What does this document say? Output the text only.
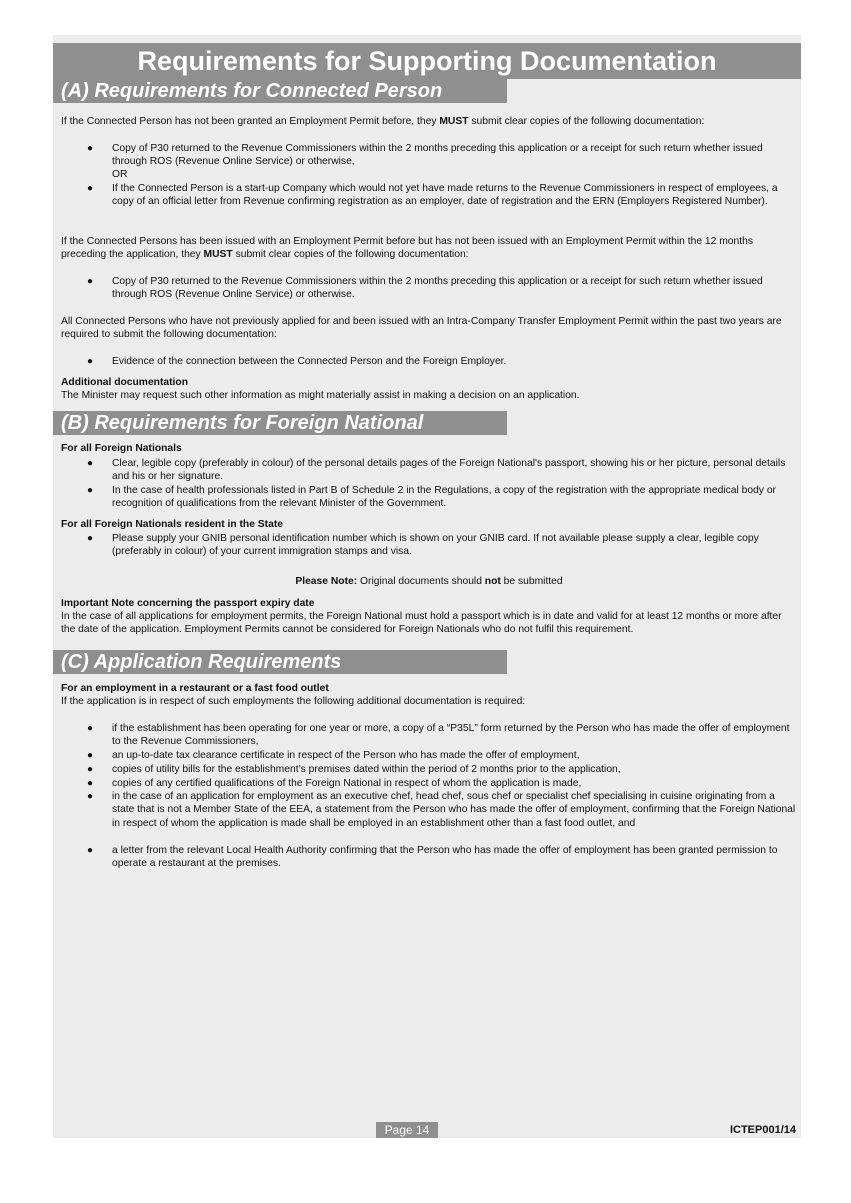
Requirements for Supporting Documentation
(A) Requirements for Connected Person
If the Connected Person has not been granted an Employment Permit before, they MUST submit clear copies of the following documentation:
● Copy of P30 returned to the Revenue Commissioners within the 2 months preceding this application or a receipt for such return whether issued through ROS (Revenue Online Service) or otherwise,
OR
● If the Connected Person is a start-up Company which would not yet have made returns to the Revenue Commissioners in respect of employees, a copy of an official letter from Revenue confirming registration as an employer, date of registration and the ERN (Employers Registered Number).
If the Connected Persons has been issued with an Employment Permit before but has not been issued with an Employment Permit within the 12 months preceding the application, they MUST submit clear copies of the following documentation:
● Copy of P30 returned to the Revenue Commissioners within the 2 months preceding this application or a receipt for such return whether issued through ROS (Revenue Online Service) or otherwise.
All Connected Persons who have not previously applied for and been issued with an Intra-Company Transfer Employment Permit within the past two years are required to submit the following documentation:
● Evidence of the connection between the Connected Person and the Foreign Employer.
Additional documentation
The Minister may request such other information as might materially assist in making a decision on an application.
(B) Requirements for Foreign National
For all Foreign Nationals
● Clear, legible copy (preferably in colour) of the personal details pages of the Foreign National's passport, showing his or her picture, personal details and his or her signature.
● In the case of health professionals listed in Part B of Schedule 2 in the Regulations, a copy of the registration with the appropriate medical body or recognition of qualifications from the relevant Minister of the Government.
For all Foreign Nationals resident in the State
● Please supply your GNIB personal identification number which is shown on your GNIB card. If not available please supply a clear, legible copy (preferably in colour) of your current immigration stamps and visa.
Please Note: Original documents should not be submitted
Important Note concerning the passport expiry date
In the case of all applications for employment permits, the Foreign National must hold a passport which is in date and valid for at least 12 months or more after the date of the application. Employment Permits cannot be considered for Foreign Nationals who do not fulfil this requirement.
(C) Application Requirements
For an employment in a restaurant or a fast food outlet
If the application is in respect of such employments the following additional documentation is required:
● if the establishment has been operating for one year or more, a copy of a “P35L” form returned by the Person who has made the offer of employment to the Revenue Commissioners,
● an up-to-date tax clearance certificate in respect of the Person who has made the offer of employment,
● copies of utility bills for the establishment’s premises dated within the period of 2 months prior to the application,
● copies of any certified qualifications of the Foreign National in respect of whom the application is made,
● in the case of an application for employment as an executive chef, head chef, sous chef or specialist chef specialising in cuisine originating from a state that is not a Member State of the EEA, a statement from the Person who has made the offer of employment, confirming that the Foreign National in respect of whom the application is made shall be employed in an establishment other than a fast food outlet, and
● a letter from the relevant Local Health Authority confirming that the Person who has made the offer of employment has been granted permission to operate a restaurant at the premises.
Page 14	ICTEP001/14
